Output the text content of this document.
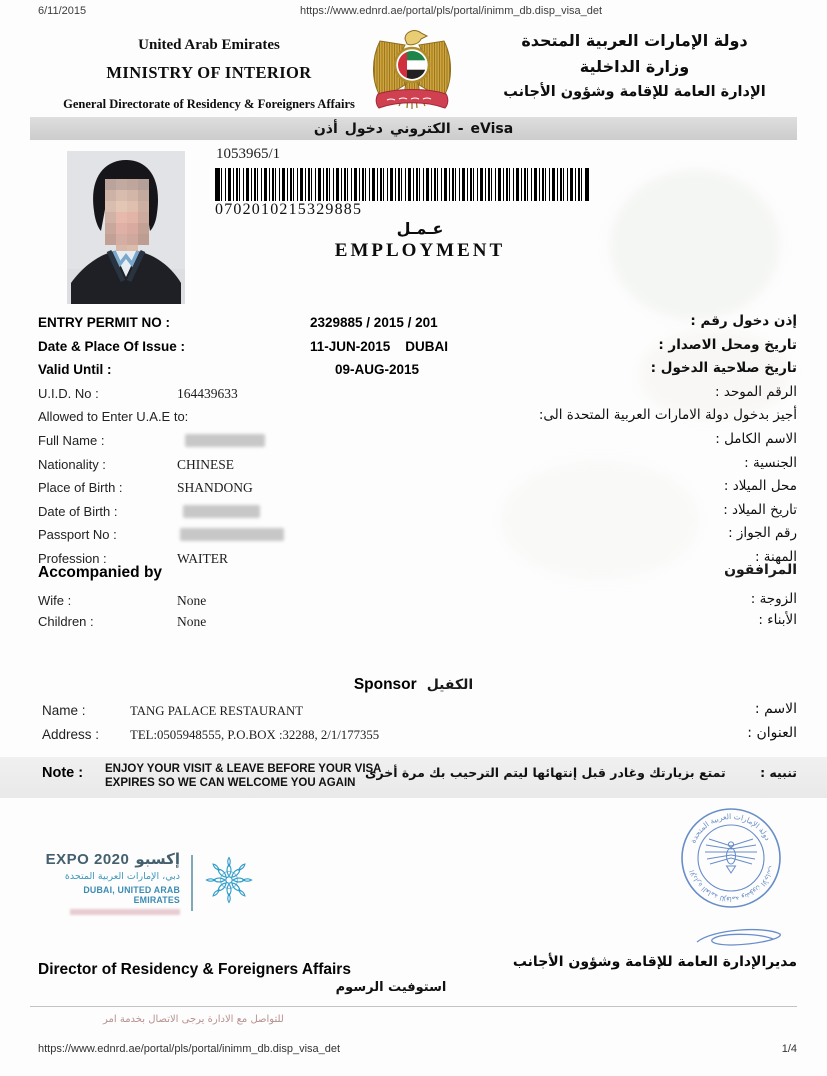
6/11/2015	https://www.ednrd.ae/portal/pls/portal/inimm_db.disp_visa_det
United Arab Emirates
MINISTRY OF INTERIOR
General Directorate of Residency & Foreigners Affairs
دولة الإمارات العربية المتحدة
وزارة الداخلية
الإدارة العامة للإقامة وشؤون الأجانب
أذن دخول الكتروني - eVisa
1053965/1
0702010215329885
عـمـل
EMPLOYMENT
ENTRY PERMIT NO :	2329885 / 2015 / 201	إذن دخول رقم :
Date & Place Of Issue :	11-JUN-2015    DUBAI	تاريخ ومحل الاصدار :
Valid Until :	09-AUG-2015	تاريخ صلاحية الدخول :
U.I.D. No :	164439633	الرقم الموحد :
Allowed to Enter U.A.E to:	أجيز بدخول دولة الامارات العربية المتحدة الى:
Full Name :	الاسم الكامل :
Nationality :	CHINESE	الجنسية :
Place of Birth :	SHANDONG	محل الميلاد :
Date of Birth :	تاريخ الميلاد :
Passport No :	رقم الجواز :
Profession :	WAITER	المهنة :
Accompanied by	المرافقون
Wife :	None	الزوجة :
Children :	None	الأبناء :
Sponsor الكفيل
Name :	TANG PALACE RESTAURANT	الاسم :
Address : TEL:0505948555, P.O.BOX :32288, 2/1/177355	العنوان :
Note : ENJOY YOUR VISIT & LEAVE BEFORE YOUR VISA
EXPIRES SO WE CAN WELCOME YOU AGAIN
تنبيه : تمتع بزيارتك وغادر قبل إنتهائها ليتم الترحيب بك مرة أخرى
EXPO 2020 إكسبو
دبي، الإمارات العربية المتحدة
DUBAI, UNITED ARAB EMIRATES
دولة الإمارات العربية المتحدة
الإدارة العامة للإقامة وشؤون الأجانب
Director of Residency & Foreigners Affairs	مديرالإدارة العامة للإقامة وشؤون الأجانب
استوفيت الرسوم
للتواصل مع الادارة يرجى الاتصال بخدمة امر
https://www.ednrd.ae/portal/pls/portal/inimm_db.disp_visa_det	1/4
